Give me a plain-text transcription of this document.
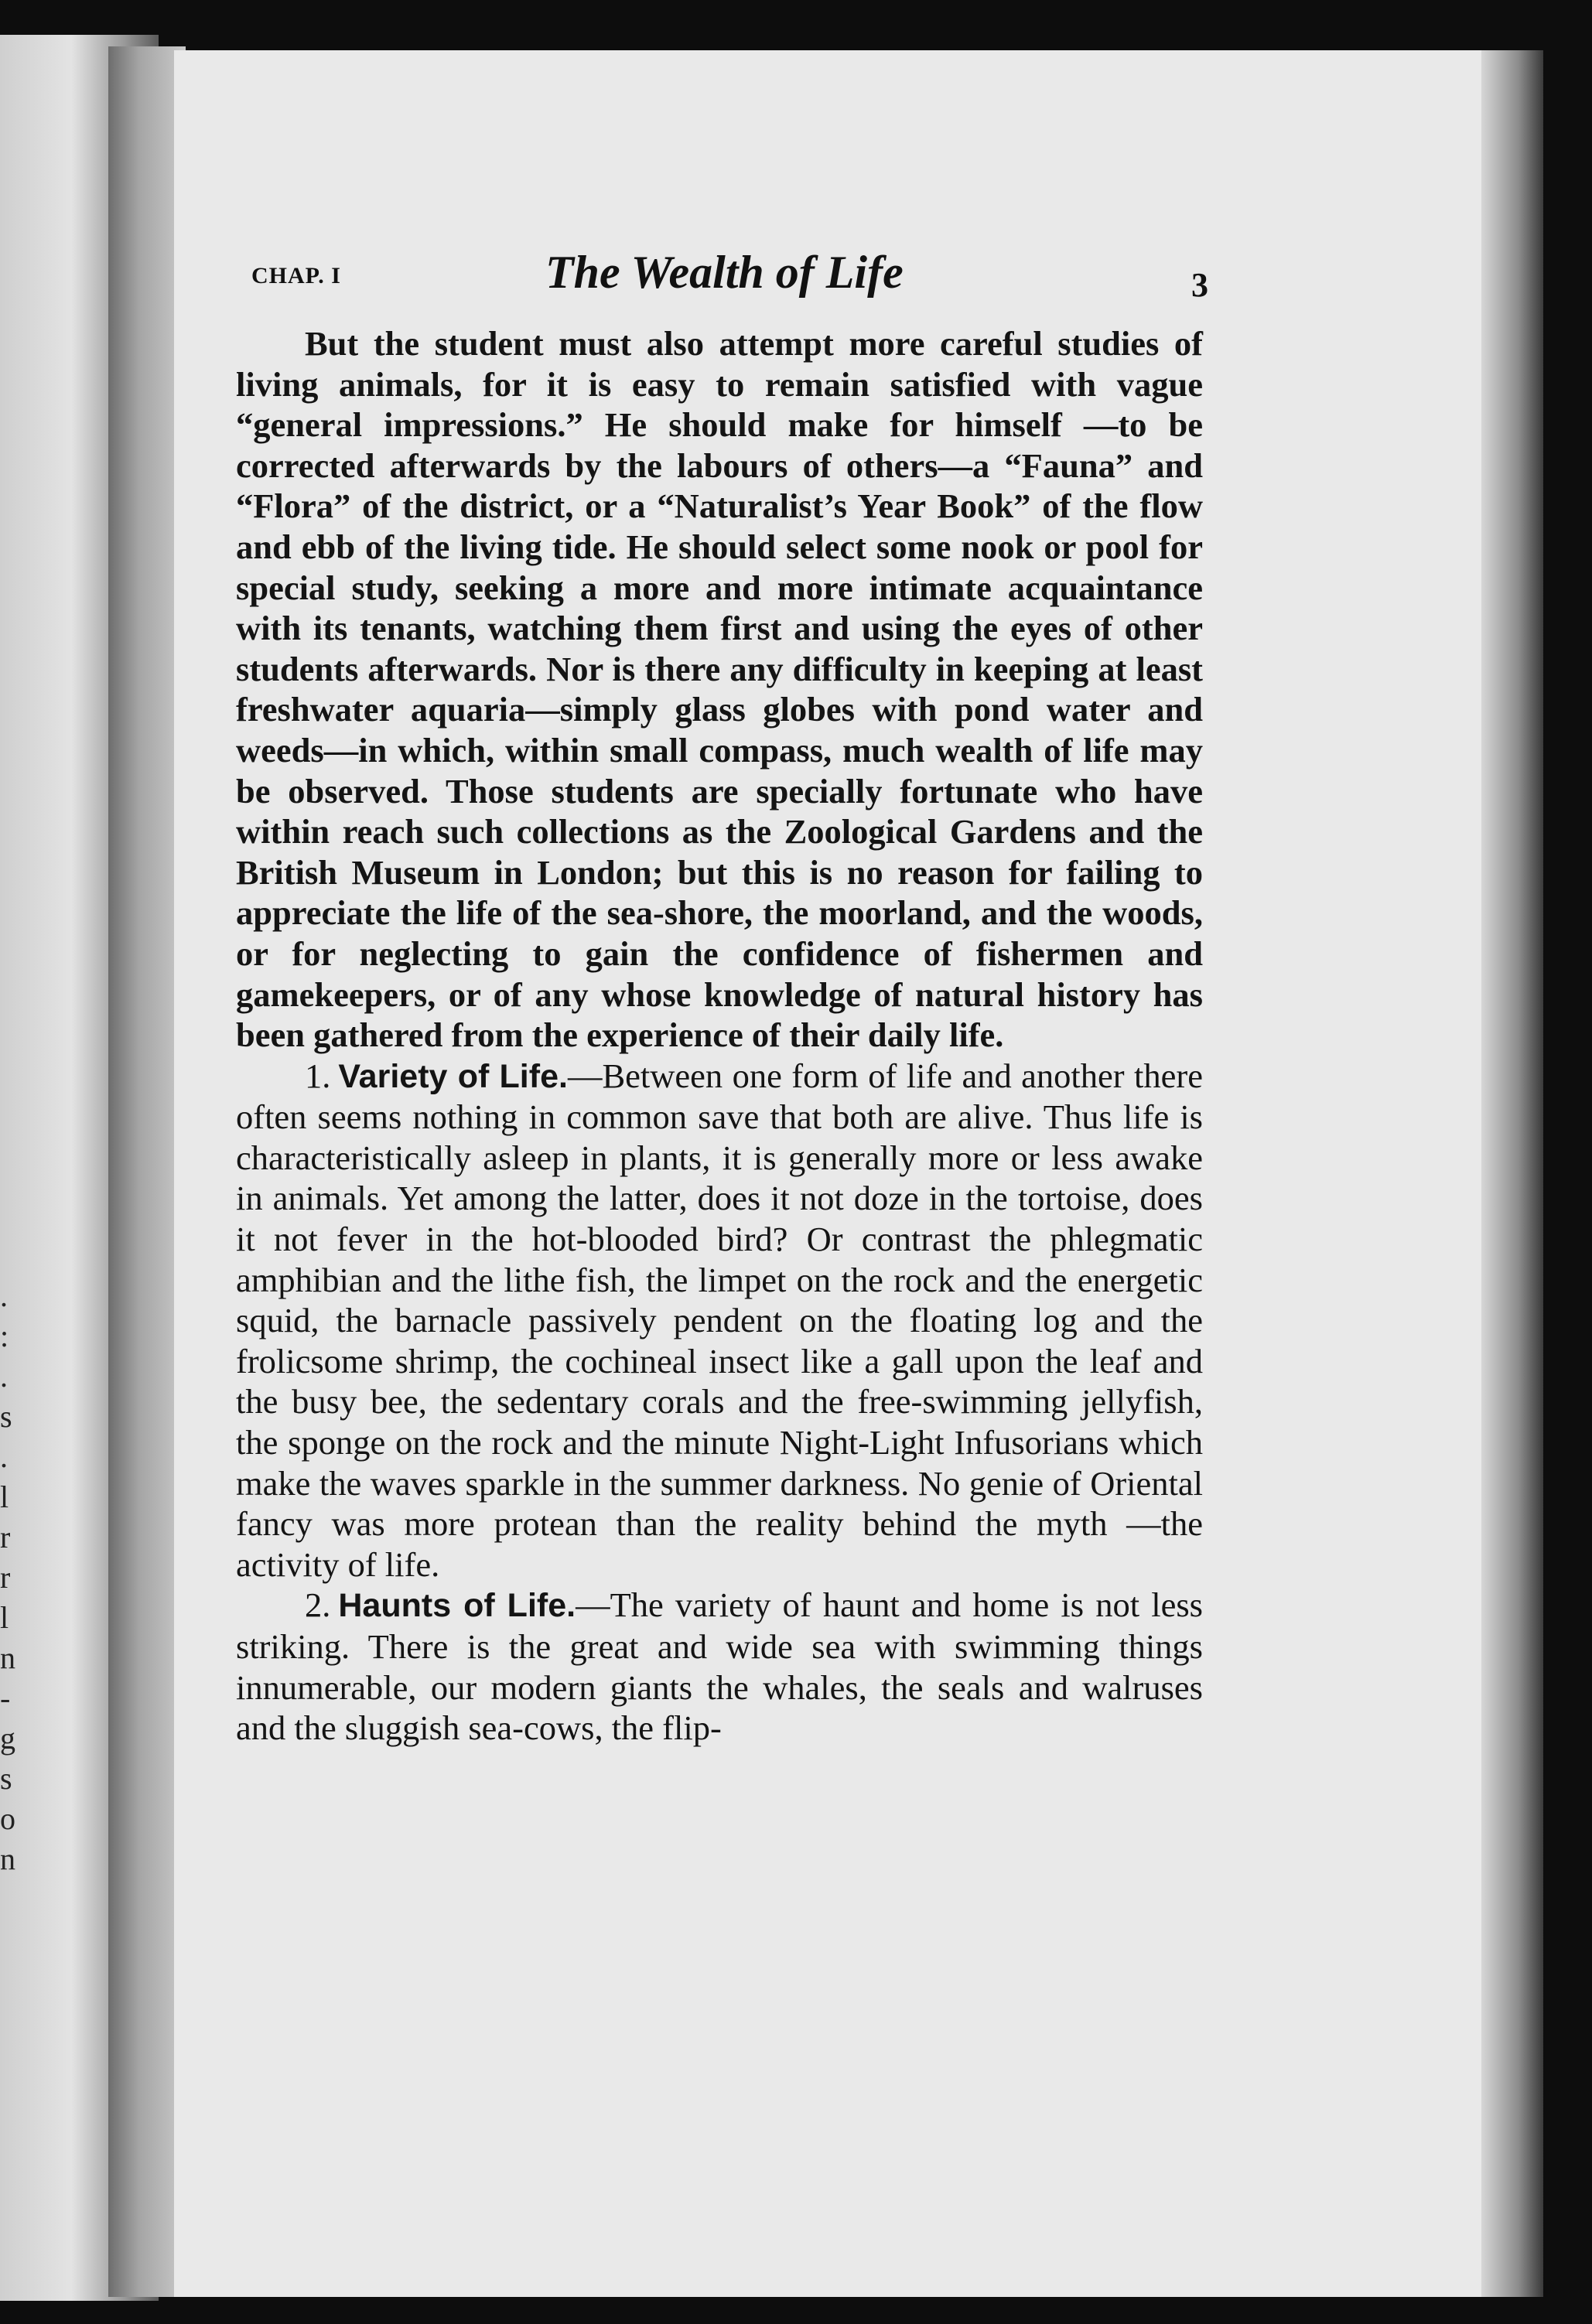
.
:
.
s
.
l
r
r
l
n
-
g
s
o
n
CHAP. I	The Wealth of Life	3

But the student must also attempt more careful studies of living animals, for it is easy to remain satisfied with vague “general impressions.” He should make for himself —to be corrected afterwards by the labours of others—a “Fauna” and “Flora” of the district, or a “Naturalist’s Year Book” of the flow and ebb of the living tide. He should select some nook or pool for special study, seeking a more and more intimate acquaintance with its tenants, watching them first and using the eyes of other students afterwards. Nor is there any difficulty in keeping at least freshwater aquaria—simply glass globes with pond water and weeds—in which, within small compass, much wealth of life may be observed. Those students are specially fortunate who have within reach such collections as the Zoological Gardens and the British Museum in London; but this is no reason for failing to appreciate the life of the sea-shore, the moorland, and the woods, or for neglecting to gain the confidence of fishermen and gamekeepers, or of any whose knowledge of natural history has been gathered from the experience of their daily life.

1. Variety of Life.—Between one form of life and another there often seems nothing in common save that both are alive. Thus life is characteristically asleep in plants, it is generally more or less awake in animals. Yet among the latter, does it not doze in the tortoise, does it not fever in the hot-blooded bird? Or contrast the phlegmatic amphibian and the lithe fish, the limpet on the rock and the energetic squid, the barnacle passively pendent on the floating log and the frolicsome shrimp, the cochineal insect like a gall upon the leaf and the busy bee, the sedentary corals and the free-swimming jellyfish, the sponge on the rock and the minute Night-Light Infusorians which make the waves sparkle in the summer darkness. No genie of Oriental fancy was more protean than the reality behind the myth —the activity of life.

2. Haunts of Life.—The variety of haunt and home is not less striking. There is the great and wide sea with swimming things innumerable, our modern giants the whales, the seals and walruses and the sluggish sea-cows, the flip-
